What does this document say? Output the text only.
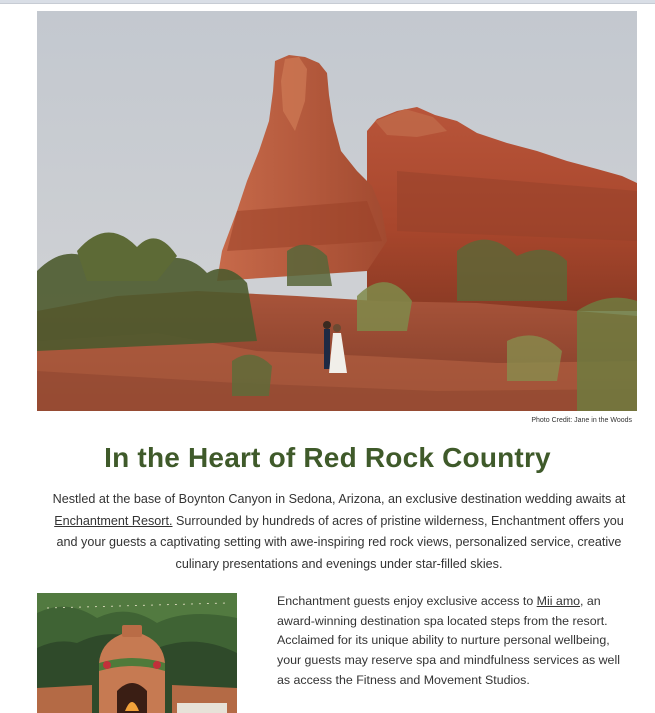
Photo Credit: Jane in the Woods
In the Heart of Red Rock Country

Nestled at the base of Boynton Canyon in Sedona, Arizona, an exclusive destination wedding awaits at Enchantment Resort. Surrounded by hundreds of acres of pristine wilderness, Enchantment offers you and your guests a captivating setting with awe-inspiring red rock views, personalized service, creative culinary presentations and evenings under star-filled skies.

Enchantment guests enjoy exclusive access to Mii amo, an award-winning destination spa located steps from the resort. Acclaimed for its unique ability to nurture personal wellbeing, your guests may reserve spa and mindfulness services as well as access the Fitness and Movement Studios.
